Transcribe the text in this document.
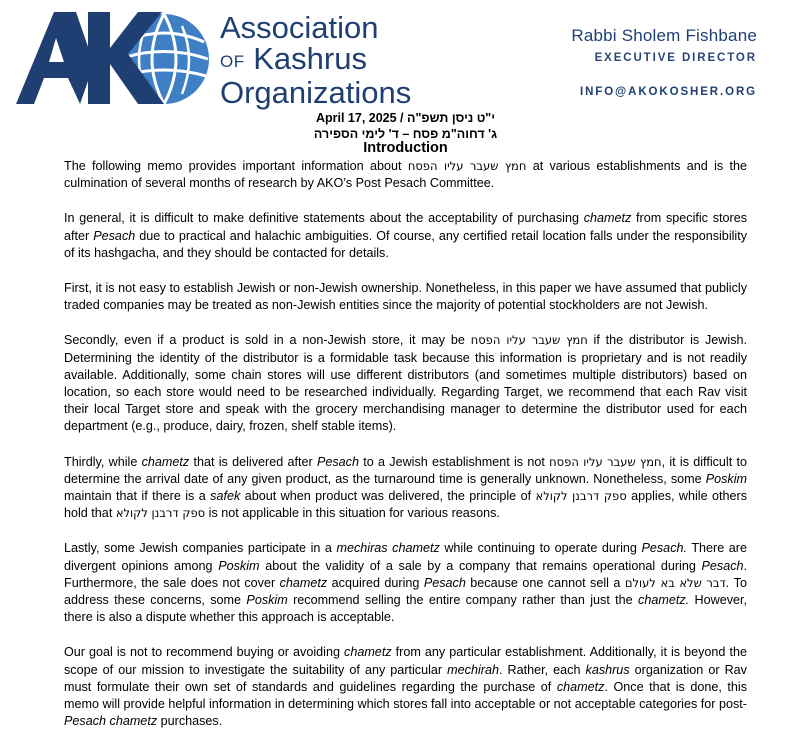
Association
OF Kashrus
Organizations
Rabbi Sholem Fishbane
EXECUTIVE DIRECTOR
INFO@AKOKOSHER.ORG
April 17, 2025 / י"ט ניסן תשפ"ה
ג' דחוה"מ פסח – ד' לימי הספירה
Introduction

The following memo provides important information about חמץ שעבר עליו הפסח at various establishments and is the culmination of several months of research by AKO’s Post Pesach Committee.

In general, it is difficult to make definitive statements about the acceptability of purchasing chametz from specific stores after Pesach due to practical and halachic ambiguities. Of course, any certified retail location falls under the responsibility of its hashgacha, and they should be contacted for details.

First, it is not easy to establish Jewish or non-Jewish ownership. Nonetheless, in this paper we have assumed that publicly traded companies may be treated as non-Jewish entities since the majority of potential stockholders are not Jewish.

Secondly, even if a product is sold in a non-Jewish store, it may be חמץ שעבר עליו הפסח if the distributor is Jewish. Determining the identity of the distributor is a formidable task because this information is proprietary and is not readily available. Additionally, some chain stores will use different distributors (and sometimes multiple distributors) based on location, so each store would need to be researched individually. Regarding Target, we recommend that each Rav visit their local Target store and speak with the grocery merchandising manager to determine the distributor used for each department (e.g., produce, dairy, frozen, shelf stable items).

Thirdly, while chametz that is delivered after Pesach to a Jewish establishment is not חמץ שעבר עליו הפסח, it is difficult to determine the arrival date of any given product, as the turnaround time is generally unknown. Nonetheless, some Poskim maintain that if there is a safek about when product was delivered, the principle of ספק דרבנן לקולא applies, while others hold that ספק דרבנן לקולא is not applicable in this situation for various reasons.

Lastly, some Jewish companies participate in a mechiras chametz while continuing to operate during Pesach. There are divergent opinions among Poskim about the validity of a sale by a company that remains operational during Pesach. Furthermore, the sale does not cover chametz acquired during Pesach because one cannot sell a דבר שלא בא לעולם. To address these concerns, some Poskim recommend selling the entire company rather than just the chametz. However, there is also a dispute whether this approach is acceptable.

Our goal is not to recommend buying or avoiding chametz from any particular establishment. Additionally, it is beyond the scope of our mission to investigate the suitability of any particular mechirah. Rather, each kashrus organization or Rav must formulate their own set of standards and guidelines regarding the purchase of chametz. Once that is done, this memo will provide helpful information in determining which stores fall into acceptable or not acceptable categories for post-Pesach chametz purchases.
